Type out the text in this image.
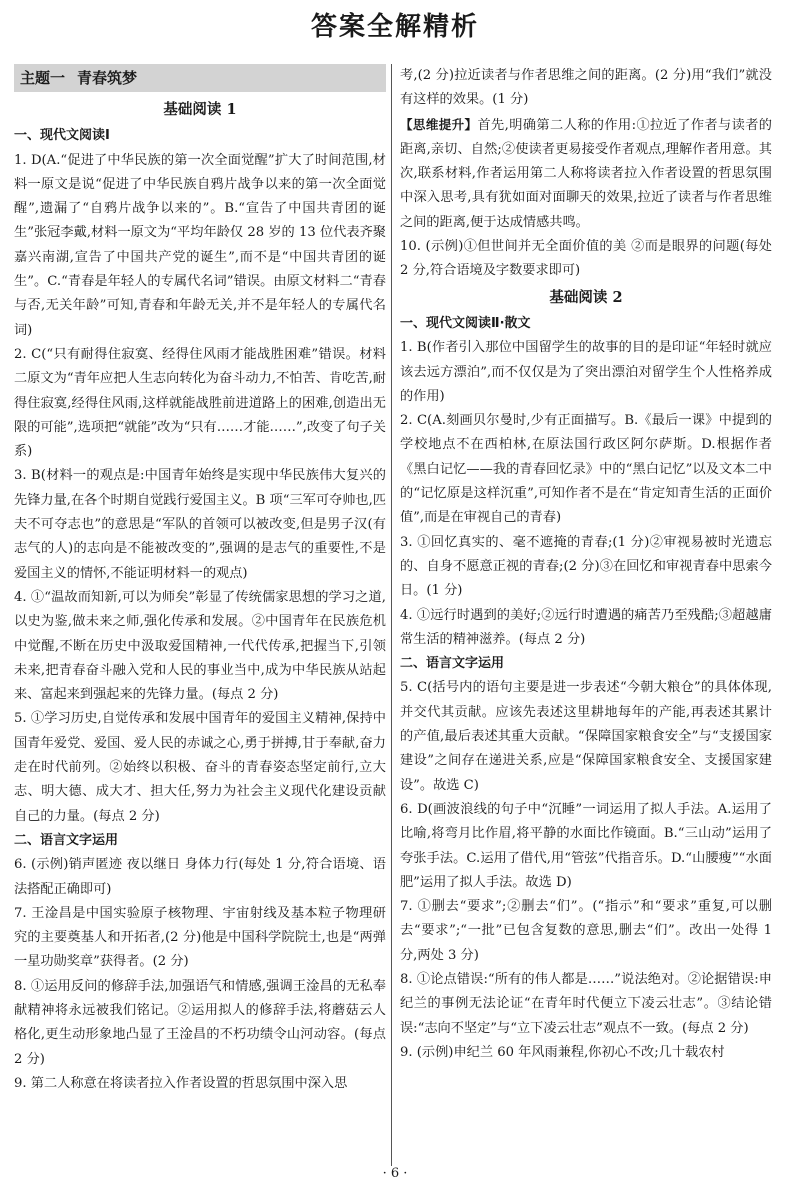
答案全解精析
主题一 青春筑梦
基础阅读 1
一、现代文阅读Ⅰ

1. D(A.“促进了中华民族的第一次全面觉醒”扩大了时间范围,材料一原文是说“促进了中华民族自鸦片战争以来的第一次全面觉醒”,遗漏了“自鸦片战争以来的”。B.“宣告了中国共青团的诞生”张冠李戴,材料一原文为“平均年龄仅 28 岁的 13 位代表齐聚嘉兴南湖,宣告了中国共产党的诞生”,而不是“中国共青团的诞生”。C.“青春是年轻人的专属代名词”错误。由原文材料二“青春与否,无关年龄”可知,青春和年龄无关,并不是年轻人的专属代名词)

2. C(“只有耐得住寂寞、经得住风雨才能战胜困难”错误。材料二原文为“青年应把人生志向转化为奋斗动力,不怕苦、肯吃苦,耐得住寂寞,经得住风雨,这样就能战胜前进道路上的困难,创造出无限的可能”,选项把“就能”改为“只有……才能……”,改变了句子关系)

3. B(材料一的观点是:中国青年始终是实现中华民族伟大复兴的先锋力量,在各个时期自觉践行爱国主义。B 项“三军可夺帅也,匹夫不可夺志也”的意思是“军队的首领可以被改变,但是男子汉(有志气的人)的志向是不能被改变的”,强调的是志气的重要性,不是爱国主义的情怀,不能证明材料一的观点)

4. ①“温故而知新,可以为师矣”彰显了传统儒家思想的学习之道,以史为鉴,做未来之师,强化传承和发展。②中国青年在民族危机中觉醒,不断在历史中汲取爱国精神,一代代传承,把握当下,引领未来,把青春奋斗融入党和人民的事业当中,成为中华民族从站起来、富起来到强起来的先锋力量。(每点 2 分)

5. ①学习历史,自觉传承和发展中国青年的爱国主义精神,保持中国青年爱党、爱国、爱人民的赤诚之心,勇于拼搏,甘于奉献,奋力走在时代前列。②始终以积极、奋斗的青春姿态坚定前行,立大志、明大德、成大才、担大任,努力为社会主义现代化建设贡献自己的力量。(每点 2 分)

二、语言文字运用

6. (示例)销声匿迹 夜以继日 身体力行(每处 1 分,符合语境、语法搭配正确即可)

7. 王淦昌是中国实验原子核物理、宇宙射线及基本粒子物理研究的主要奠基人和开拓者,(2 分)他是中国科学院院士,也是“两弹一星功勋奖章”获得者。(2 分)

8. ①运用反问的修辞手法,加强语气和情感,强调王淦昌的无私奉献精神将永远被我们铭记。②运用拟人的修辞手法,将蘑菇云人格化,更生动形象地凸显了王淦昌的不朽功绩令山河动容。(每点 2 分)

9. 第二人称意在将读者拉入作者设置的哲思氛围中深入思

考,(2 分)拉近读者与作者思维之间的距离。(2 分)用“我们”就没有这样的效果。(1 分)

【思维提升】首先,明确第二人称的作用:①拉近了作者与读者的距离,亲切、自然;②使读者更易接受作者观点,理解作者用意。其次,联系材料,作者运用第二人称将读者拉入作者设置的哲思氛围中深入思考,具有犹如面对面聊天的效果,拉近了读者与作者思维之间的距离,便于达成情感共鸣。

10. (示例)①但世间并无全面价值的美 ②而是眼界的问题(每处 2 分,符合语境及字数要求即可)

基础阅读 2
一、现代文阅读Ⅱ·散文

1. B(作者引入那位中国留学生的故事的目的是印证“年轻时就应该去远方漂泊”,而不仅仅是为了突出漂泊对留学生个人性格养成的作用)

2. C(A.刻画贝尔曼时,少有正面描写。B.《最后一课》中提到的学校地点不在西柏林,在原法国行政区阿尔萨斯。D.根据作者《黑白记忆——我的青春回忆录》中的“黑白记忆”以及文本二中的“记忆原是这样沉重”,可知作者不是在“肯定知青生活的正面价值”,而是在审视自己的青春)

3. ①回忆真实的、毫不遮掩的青春;(1 分)②审视易被时光遗忘的、自身不愿意正视的青春;(2 分)③在回忆和审视青春中思索今日。(1 分)

4. ①远行时遇到的美好;②远行时遭遇的痛苦乃至残酷;③超越庸常生活的精神滋养。(每点 2 分)

二、语言文字运用

5. C(括号内的语句主要是进一步表述“今朝大粮仓”的具体体现,并交代其贡献。应该先表述这里耕地每年的产能,再表述其累计的产值,最后表述其重大贡献。“保障国家粮食安全”与“支援国家建设”之间存在递进关系,应是“保障国家粮食安全、支援国家建设”。故选 C)

6. D(画波浪线的句子中“沉睡”一词运用了拟人手法。A.运用了比喻,将弯月比作眉,将平静的水面比作镜面。B.“三山动”运用了夸张手法。C.运用了借代,用“管弦”代指音乐。D.“山腰瘦”“水面肥”运用了拟人手法。故选 D)

7. ①删去“要求”;②删去“们”。(“指示”和“要求”重复,可以删去“要求”;“一批”已包含复数的意思,删去“们”。改出一处得 1 分,两处 3 分)

8. ①论点错误:“所有的伟人都是……”说法绝对。②论据错误:申纪兰的事例无法论证“在青年时代便立下凌云壮志”。③结论错误:“志向不坚定”与“立下凌云壮志”观点不一致。(每点 2 分)

9. (示例)申纪兰 60 年风雨兼程,你初心不改;几十载农村

· 6 ·
